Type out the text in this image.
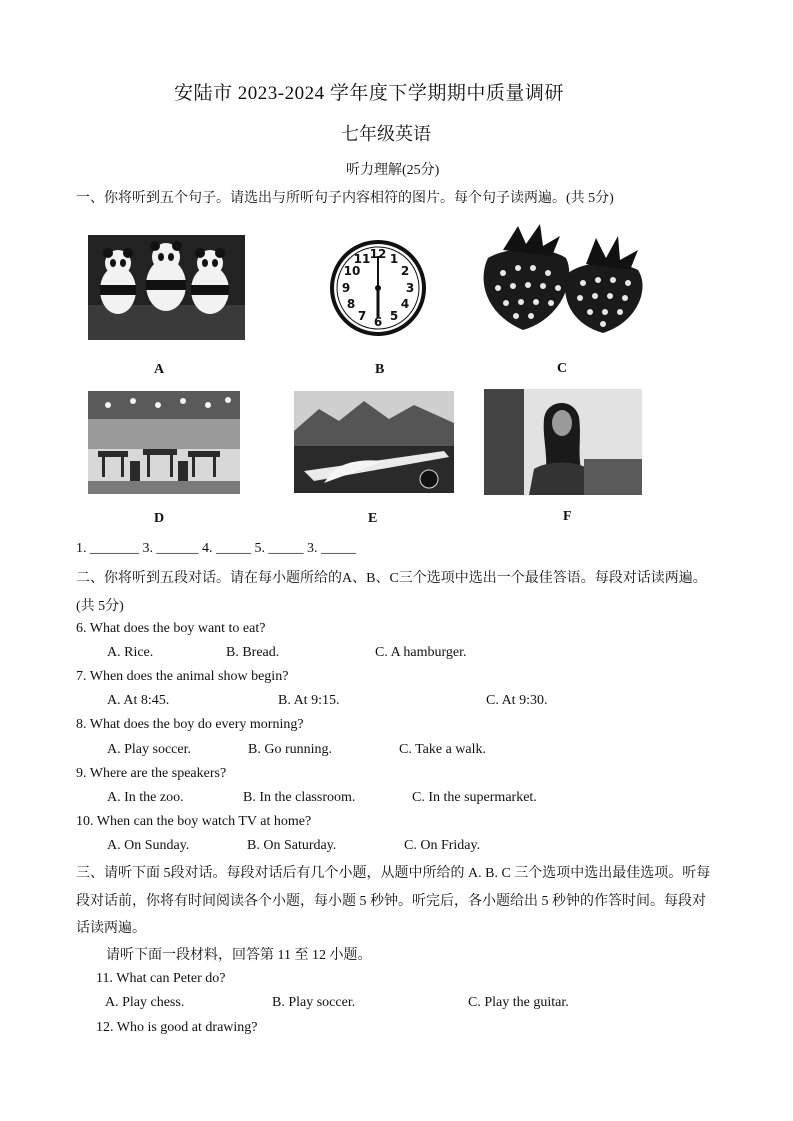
安陆市 2023-2024 学年度下学期期中质量调研
七年级英语
听力理解(25分)
一、你将听到五个句子。请选出与所听句子内容相符的图片。每个句子读两遍。(共 5分)
12 1
2
3
4
5
6
7
8
9
10
11
A	B	C
D	E	F
1. _______ 3. ______ 4. _____ 5. _____ 3. _____
二、你将听到五段对话。请在每小题所给的A、B、C三个选项中选出一个最佳答语。每段对话读两遍。
(共 5分)
6. What does the boy want to eat?
A. Rice.	B. Bread.	C. A hamburger.
7. When does the animal show begin?
A. At 8:45.	B. At 9:15.	C. At 9:30.
8. What does the boy do every morning?
A. Play soccer.	B. Go running.	C. Take a walk.
9. Where are the speakers?
A. In the zoo.	B. In the classroom.	C. In the supermarket.
10. When can the boy watch TV at home?
A. On Sunday.	B. On Saturday.	C. On Friday.
三、请听下面 5段对话。每段对话后有几个小题，从题中所给的 A. B. C 三个选项中选出最佳选项。听每
段对话前，你将有时间阅读各个小题，每小题 5 秒钟。听完后，各小题给出 5 秒钟的作答时间。每段对
话读两遍。
请听下面一段材料，回答第 11 至 12 小题。
11. What can Peter do?
A. Play chess.	B. Play soccer.	C. Play the guitar.
12. Who is good at drawing?
